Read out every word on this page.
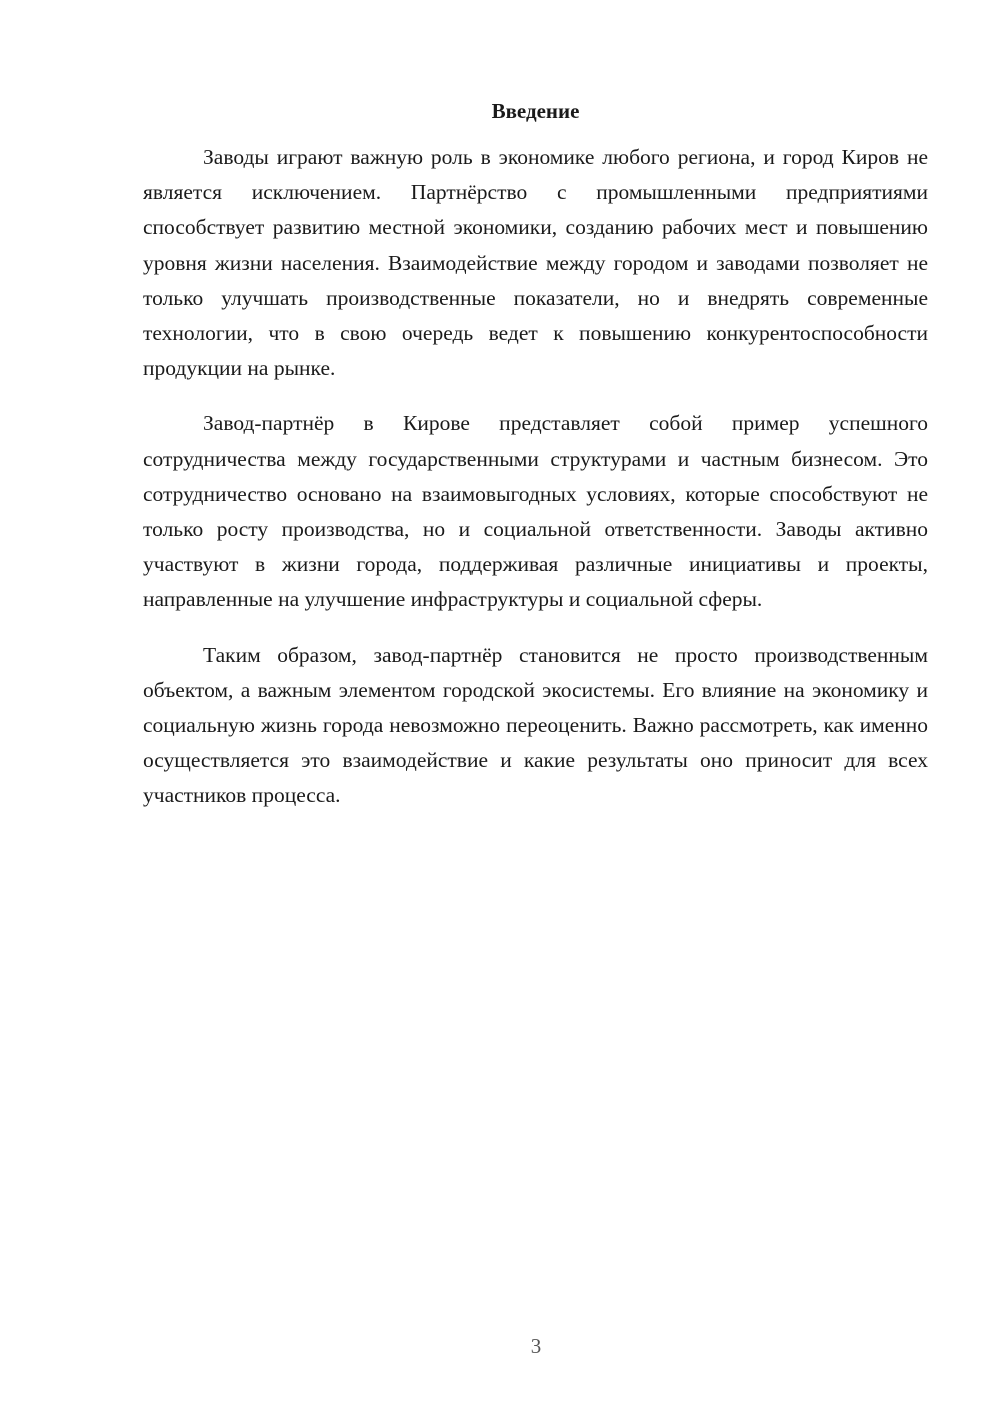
Введение

Заводы играют важную роль в экономике любого региона, и город Киров не является исключением. Партнёрство с промышленными предприятиями способствует развитию местной экономики, созданию рабочих мест и повышению уровня жизни населения. Взаимодействие между городом и заводами позволяет не только улучшать производственные показатели, но и внедрять современные технологии, что в свою очередь ведет к повышению конкурентоспособности продукции на рынке.

Завод-партнёр в Кирове представляет собой пример успешного сотрудничества между государственными структурами и частным бизнесом. Это сотрудничество основано на взаимовыгодных условиях, которые способствуют не только росту производства, но и социальной ответственности. Заводы активно участвуют в жизни города, поддерживая различные инициативы и проекты, направленные на улучшение инфраструктуры и социальной сферы.

Таким образом, завод-партнёр становится не просто производственным объектом, а важным элементом городской экосистемы. Его влияние на экономику и социальную жизнь города невозможно переоценить. Важно рассмотреть, как именно осуществляется это взаимодействие и какие результаты оно приносит для всех участников процесса.

3
